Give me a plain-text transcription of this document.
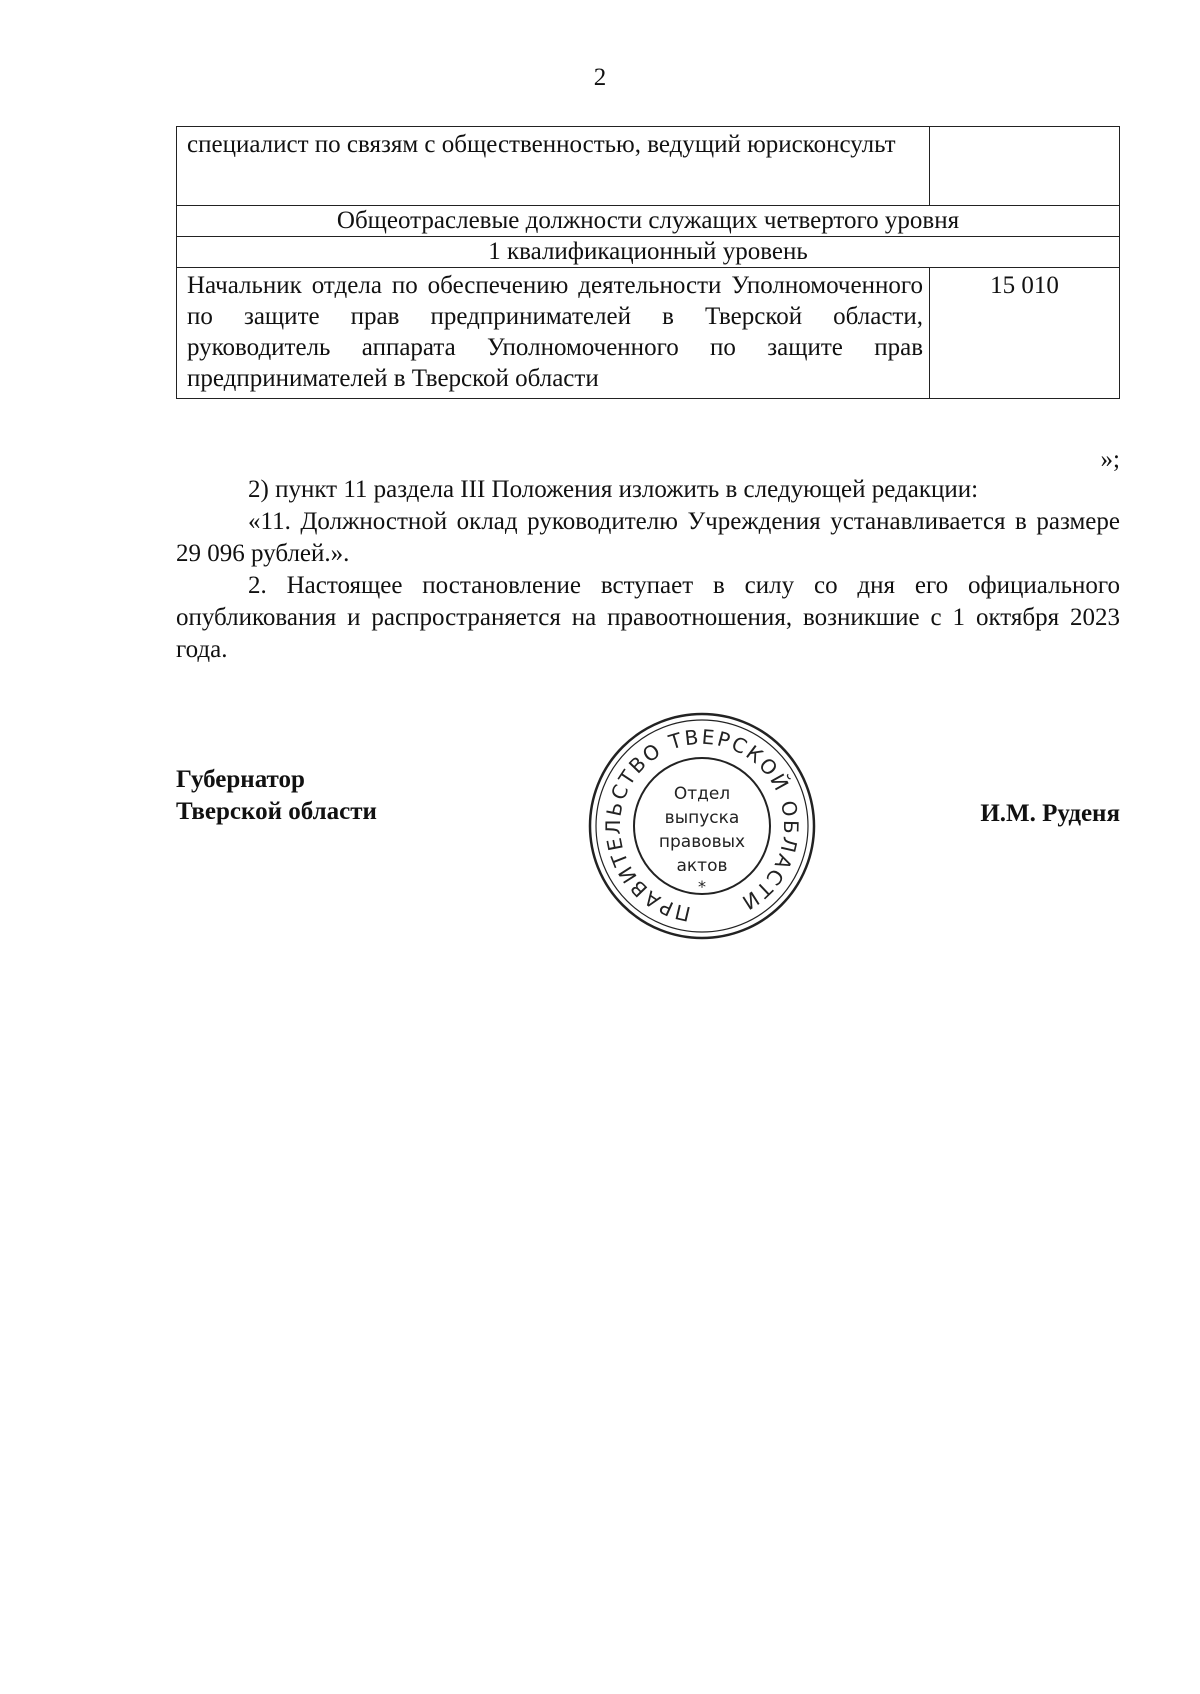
2
специалист по связям с общественностью, ведущий юрисконсульт	
Общеотраслевые должности служащих четвертого уровня	
1 квалификационный уровень	
Начальник отдела по обеспечению деятельности Уполномоченного по защите прав предпринимателей в Тверской области, руководитель аппарата Уполномоченного по защите прав предпринимателей в Тверской области	15 010
»;

2) пункт 11 раздела III Положения изложить в следующей редакции:

«11. Должностной оклад руководителю Учреждения устанавливается в размере 29 096 рублей.».

2. Настоящее постановление вступает в силу со дня его официального опубликования и распространяется на правоотношения, возникшие с 1 октября 2023 года.

Губернатор
Тверской области
ПРАВИТЕЛЬСТВО ТВЕРСКОЙ ОБЛАСТИ
*
Отдел
выпуска
правовых
актов
И.М. Руденя
